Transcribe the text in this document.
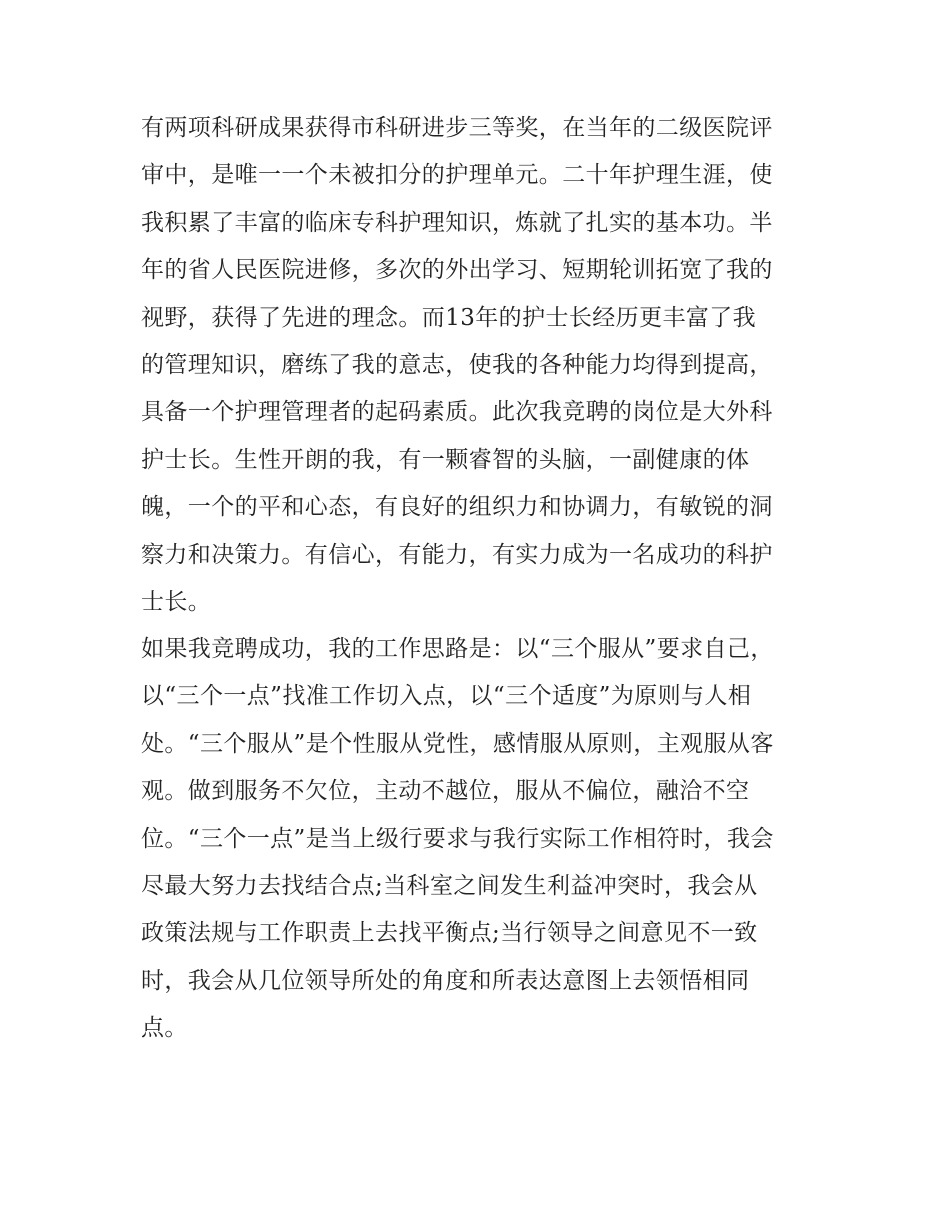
有两项科研成果获得市科研进步三等奖，在当年的二级医院评
审中，是唯一一个未被扣分的护理单元。二十年护理生涯，使
我积累了丰富的临床专科护理知识，炼就了扎实的基本功。半
年的省人民医院进修，多次的外出学习、短期轮训拓宽了我的
视野，获得了先进的理念。而13年的护士长经历更丰富了我
的管理知识，磨练了我的意志，使我的各种能力均得到提高，
具备一个护理管理者的起码素质。此次我竞聘的岗位是大外科
护士长。生性开朗的我，有一颗睿智的头脑，一副健康的体
魄，一个的平和心态，有良好的组织力和协调力，有敏锐的洞
察力和决策力。有信心，有能力，有实力成为一名成功的科护
士长。
如果我竞聘成功，我的工作思路是：以“三个服从”要求自己，
以“三个一点”找准工作切入点，以“三个适度”为原则与人相
处。“三个服从”是个性服从党性，感情服从原则，主观服从客
观。做到服务不欠位，主动不越位，服从不偏位，融洽不空
位。“三个一点”是当上级行要求与我行实际工作相符时，我会
尽最大努力去找结合点;当科室之间发生利益冲突时，我会从
政策法规与工作职责上去找平衡点;当行领导之间意见不一致
时，我会从几位领导所处的角度和所表达意图上去领悟相同
点。
